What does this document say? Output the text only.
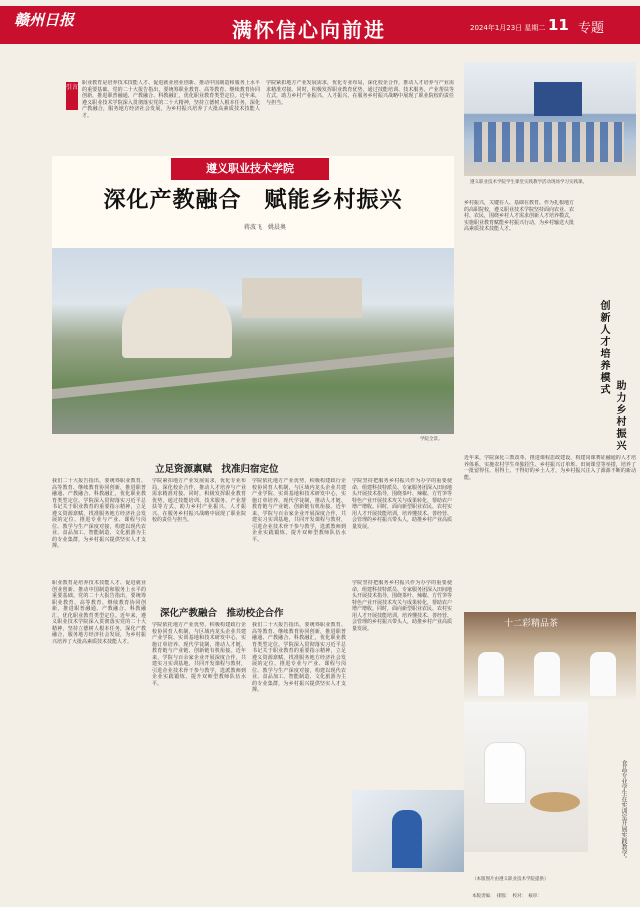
赣州日报	满怀信心向前进	2024年1月23日 星期二 11 专题
引言
职业教育是培养技术技能人才、促进就业创业创新、推动中国制造和服务上水平的重要基础。党的二十大报告指出，要统筹职业教育、高等教育、继续教育协同创新，推进职普融通、产教融合、科教融汇，优化职业教育类型定位。近年来，遵义职业技术学院深入贯彻落实党的二十大精神，坚持立德树人根本任务，深化产教融合，服务地方经济社会发展，为乡村振兴培养了大批高素质技术技能人才。
学院紧扣地方产业发展需求，优化专业布局，深化校企合作，推动人才培养与产业需求精准对接。同时，积极发挥职业教育优势，通过技能培训、技术服务、产业帮扶等方式，助力乡村产业振兴、人才振兴，在服务乡村振兴战略中展现了职业院校的责任与担当。
遵义职业技术学院学生课堂实践教学活动现场学习实践课。
遵义职业技术学院
深化产教融合　赋能乡村振兴
蒋波飞　姚晨奥
学院全景。
立足资源禀赋　找准归宿定位
我们二十大报告指出，要统筹职业教育、高等教育、继续教育协同创新，推进职普融通、产教融合、科教融汇，优化职业教育类型定位。学院深入贯彻落实习近平总书记关于职业教育的重要指示精神，立足遵义资源禀赋，找准服务地方经济社会发展的定位，推进专业与产业、课程与岗位、教学与生产深度对接，构建以现代农业、食品加工、智能制造、文化旅游为主的专业集群，为乡村振兴提供坚实人才支撑。
学院紧扣地方产业发展需求，优化专业布局，深化校企合作，推动人才培养与产业需求精准对接。同时，积极发挥职业教育优势，通过技能培训、技术服务、产业帮扶等方式，助力乡村产业振兴、人才振兴，在服务乡村振兴战略中展现了职业院校的责任与担当。
学院依托地方产业优势，积极构建政行企校协同育人机制，与区域内龙头企业共建产业学院、实训基地和技术研发中心，实施订单培养、现代学徒制，推动人才链、教育链与产业链、创新链有机衔接。近年来，学院与百余家企业开展深度合作，共建实习实训基地，共同开发课程与教材，引进企业技术骨干参与教学，选派教师到企业实践锻炼，提升双师型教师队伍水平。
学院坚持把服务乡村振兴作为办学的重要使命，组建科技特派员、专家服务团深入田间地头开展技术指导，围绕茶叶、辣椒、方竹笋等特色产业开展技术攻关与成果转化，帮助农户增产增收。同时，面向新型职业农民、农村实用人才开展技能培训，培养懂技术、善经营、会管理的乡村振兴带头人，助推乡村产业高质量发展。
职业教育是培养技术技能人才、促进就业创业创新、推动中国制造和服务上水平的重要基础。党的二十大报告指出，要统筹职业教育、高等教育、继续教育协同创新，推进职普融通、产教融合、科教融汇，优化职业教育类型定位。近年来，遵义职业技术学院深入贯彻落实党的二十大精神，坚持立德树人根本任务，深化产教融合，服务地方经济社会发展，为乡村振兴培养了大批高素质技术技能人才。
深化产教融合　推动校企合作
学院依托地方产业优势，积极构建政行企校协同育人机制，与区域内龙头企业共建产业学院、实训基地和技术研发中心，实施订单培养、现代学徒制，推动人才链、教育链与产业链、创新链有机衔接。近年来，学院与百余家企业开展深度合作，共建实习实训基地，共同开发课程与教材，引进企业技术骨干参与教学，选派教师到企业实践锻炼，提升双师型教师队伍水平。
我们二十大报告指出，要统筹职业教育、高等教育、继续教育协同创新，推进职普融通、产教融合、科教融汇，优化职业教育类型定位。学院深入贯彻落实习近平总书记关于职业教育的重要指示精神，立足遵义资源禀赋，找准服务地方经济社会发展的定位，推进专业与产业、课程与岗位、教学与生产深度对接，构建以现代农业、食品加工、智能制造、文化旅游为主的专业集群，为乡村振兴提供坚实人才支撑。
学院坚持把服务乡村振兴作为办学的重要使命，组建科技特派员、专家服务团深入田间地头开展技术指导，围绕茶叶、辣椒、方竹笋等特色产业开展技术攻关与成果转化，帮助农户增产增收。同时，面向新型职业农民、农村实用人才开展技能培训，培养懂技术、善经营、会管理的乡村振兴带头人，助推乡村产业高质量发展。
乡村振兴，关键在人、基础在教育。作为扎根地方的高职院校，遵义职业技术学院坚持面向农业、农村、农民，围绕乡村人才需求创新人才培养模式，实施职业教育赋能乡村振兴行动，为乡村输送大批高素质技术技能人才。
创新人才培养模式
助力乡村振兴
近年来，学院深化三教改革，推进课程思政建设，构建岗课赛证融通的人才培养体系，实施农村学生单独招生、乡村振兴订单班、田间课堂等举措，培养了一批留得住、用得上、干得好的乡土人才，为乡村振兴注入了源源不断的新动能。
十二彩精品茶
食品专业学生在实训室开展实践教学。
（本版图片由遵义职业技术学院提供）
本版责编：　排版：　校对：　核审：
